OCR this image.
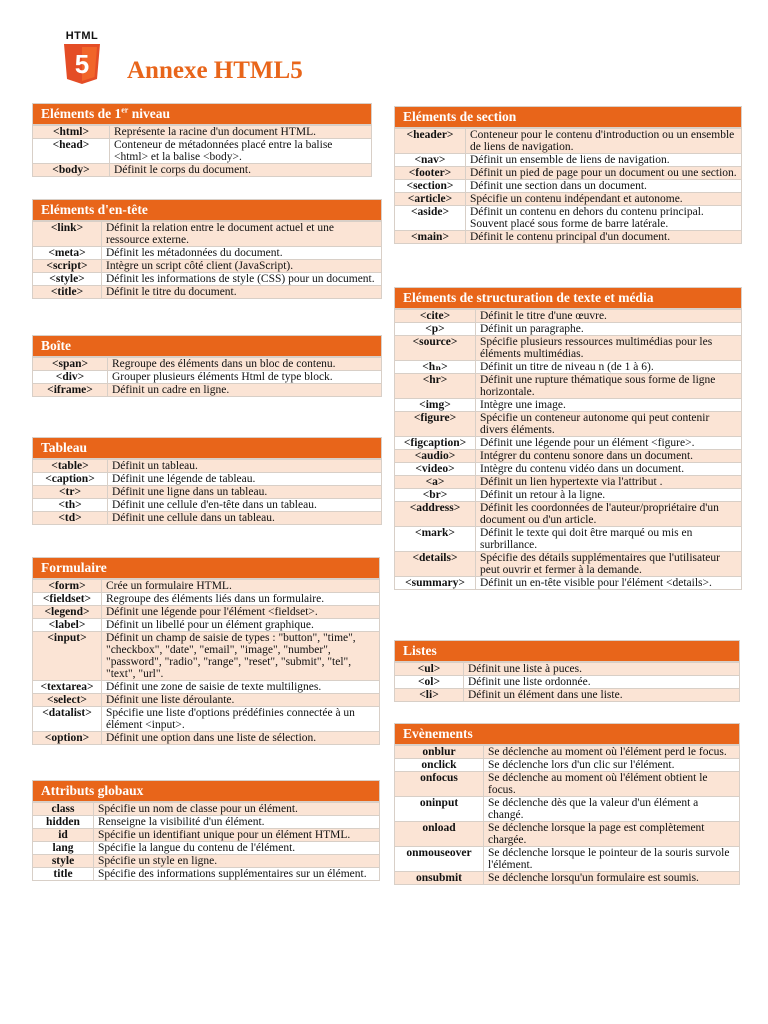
HTML
5 Annexe HTML5
Eléments de 1er niveau
<html>	Représente la racine d'un document HTML.
<head>	Conteneur de métadonnées placé entre la balise <html> et la balise <body>.
<body>	Définit le corps du document.
Eléments d'en-tête
<link>	Définit la relation entre le document actuel et une ressource externe.
<meta>	Définit les métadonnées du document.
<script>	Intègre un script côté client (JavaScript).
<style>	Définit les informations de style (CSS) pour un document.
<title>	Définit le titre du document.
Boîte
<span>	Regroupe des éléments dans un bloc de contenu.
<div>	Grouper plusieurs éléments Html de type block.
<iframe>	Définit un cadre en ligne.
Tableau
<table>	Définit un tableau.
<caption>	Définit une légende de tableau.
<tr>	Définit une ligne dans un tableau.
<th>	Définit une cellule d'en-tête dans un tableau.
<td>	Définit une cellule dans un tableau.
Formulaire
<form>	Crée un formulaire HTML.
<fieldset>	Regroupe des éléments liés dans un formulaire.
<legend>	Définit une légende pour l'élément <fieldset>.
<label>	Définit un libellé pour un élément graphique.
<input>	Définit un champ de saisie de types : "button", "time", "checkbox", "date", "email", "image", "number", "password", "radio", "range", "reset", "submit", "tel", "text", "url".
<textarea>	Définit une zone de saisie de texte multilignes.
<select>	Définit une liste déroulante.
<datalist>	Spécifie une liste d'options prédéfinies connectée à un élément <input>.
<option>	Définit une option dans une liste de sélection.
Attributs globaux
class	Spécifie un nom de classe pour un élément.
hidden	Renseigne la visibilité d'un élément.
id	Spécifie un identifiant unique pour un élément HTML.
lang	Spécifie la langue du contenu de l'élément.
style	Spécifie un style en ligne.
title	Spécifie des informations supplémentaires sur un élément.
Eléments de section
<header>	Conteneur pour le contenu d'introduction ou un ensemble de liens de navigation.
<nav>	Définit un ensemble de liens de navigation.
<footer>	Définit un pied de page pour un document ou une section.
<section>	Définit une section dans un document.
<article>	Spécifie un contenu indépendant et autonome.
<aside>	Définit un contenu en dehors du contenu principal. Souvent placé sous forme de barre latérale.
<main>	Définit le contenu principal d'un document.
Eléments de structuration de texte et média
<cite>	Définit le titre d'une œuvre.
<p>	Définit un paragraphe.
<source>	Spécifie plusieurs ressources multimédias pour les éléments multimédias.
<hₙ>	Définit un titre de niveau n (de 1 à 6).
<hr>	Définit une rupture thématique sous forme de ligne horizontale.
<img>	Intègre une image.
<figure>	Spécifie un conteneur autonome qui peut contenir divers éléments.
<figcaption>	Définit une légende pour un élément <figure>.
<audio>	Intégrer du contenu sonore dans un document.
<video>	Intègre du contenu vidéo dans un document.
<a>	Définit un lien hypertexte via l'attribut .
<br>	Définit un retour à la ligne.
<address>	Définit les coordonnées de l'auteur/propriétaire d'un document ou d'un article.
<mark>	Définit le texte qui doit être marqué ou mis en surbrillance.
<details>	Spécifie des détails supplémentaires que l'utilisateur peut ouvrir et fermer à la demande.
<summary>	Définit un en-tête visible pour l'élément <details>.
Listes
<ul>	Définit une liste à puces.
<ol>	Définit une liste ordonnée.
<li>	Définit un élément dans une liste.
Evènements
onblur	Se déclenche au moment où l'élément perd le focus.
onclick	Se déclenche lors d'un clic sur l'élément.
onfocus	Se déclenche au moment où l'élément obtient le focus.
oninput	Se déclenche dès que la valeur d'un élément a changé.
onload	Se déclenche lorsque la page est complètement chargée.
onmouseover	Se déclenche lorsque le pointeur de la souris survole l'élément.
onsubmit	Se déclenche lorsqu'un formulaire est soumis.
